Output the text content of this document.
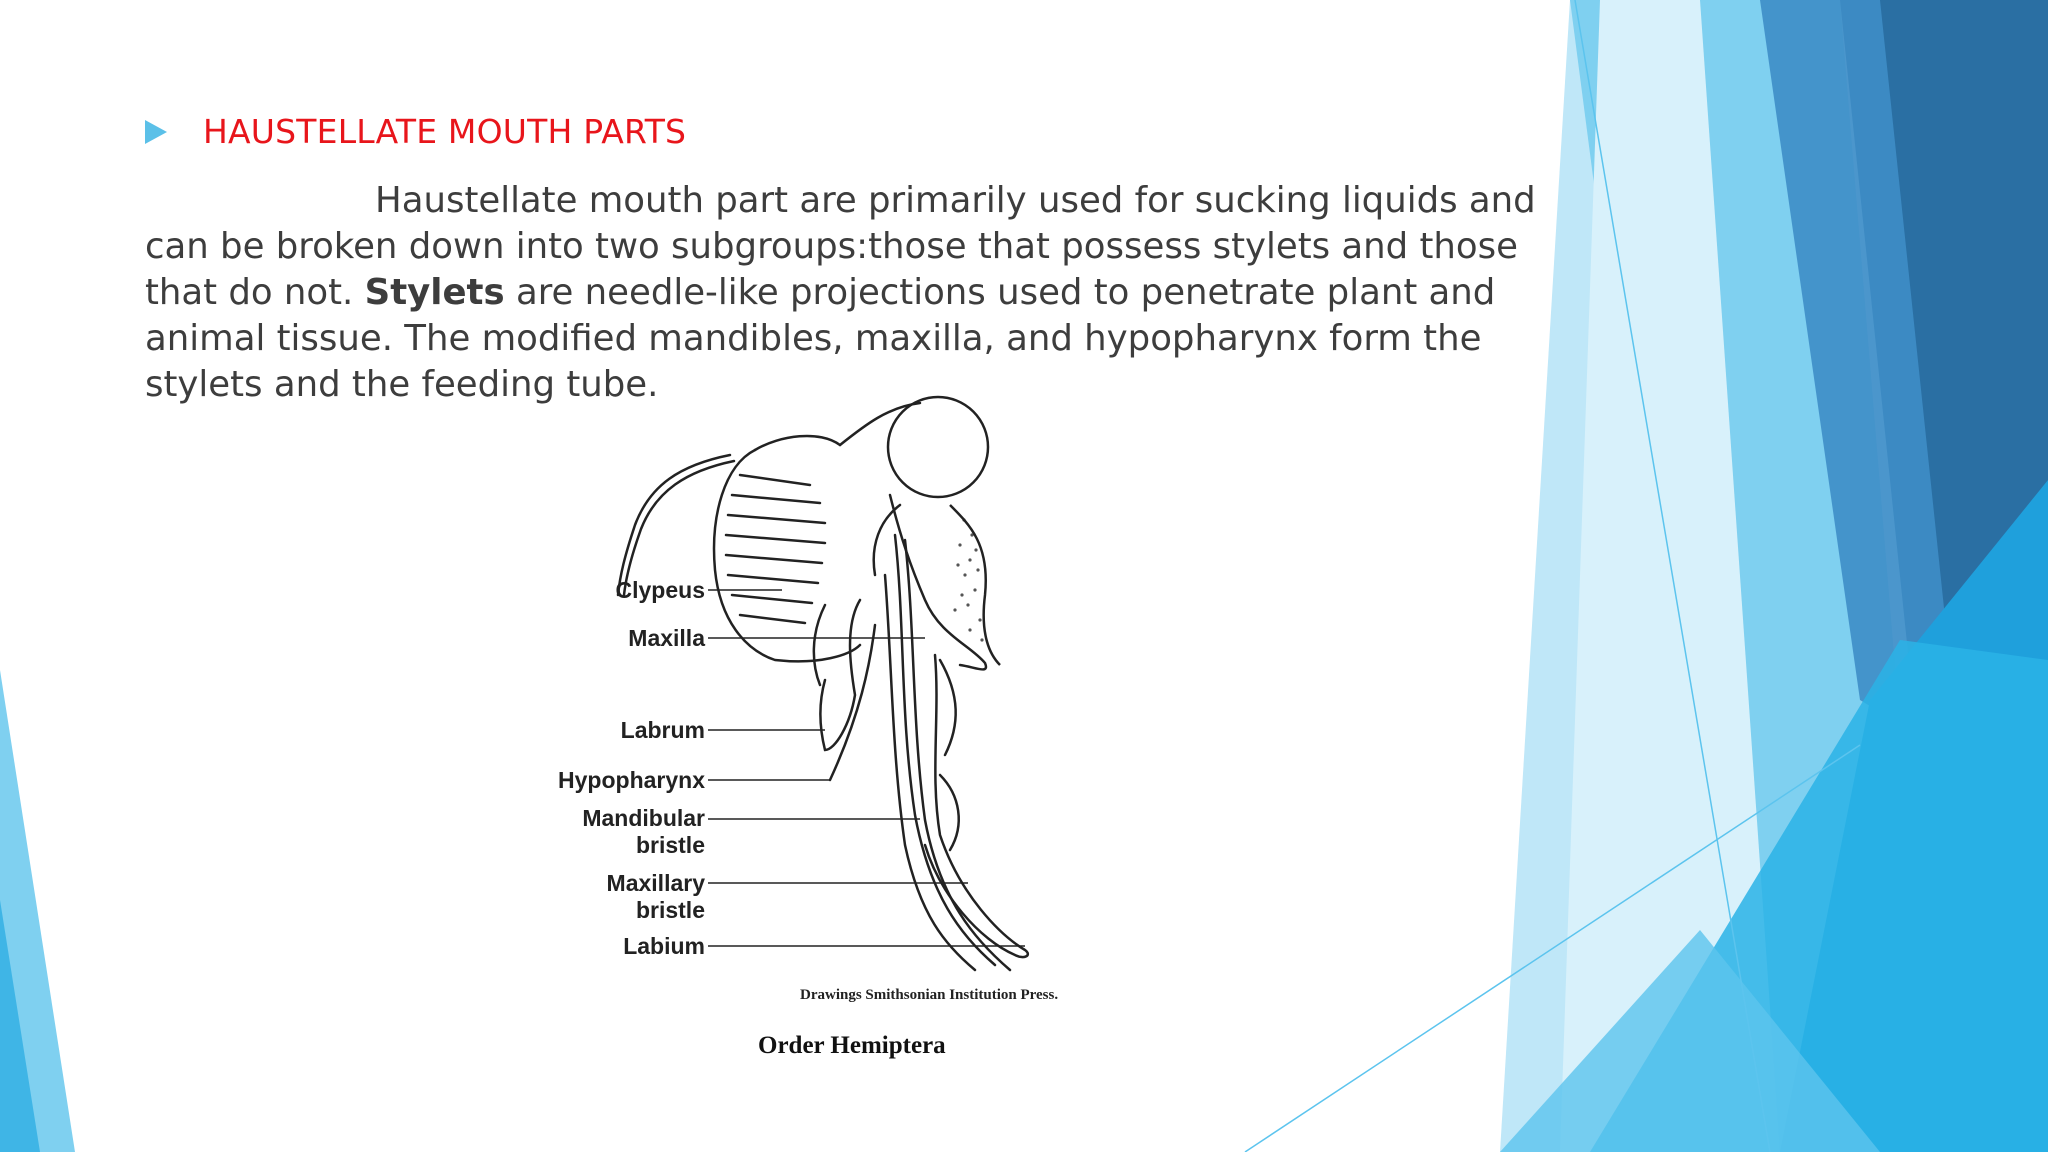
HAUSTELLATE MOUTH PARTS
Haustellate mouth part are primarily used for sucking liquids and can be broken down into two subgroups:those that possess stylets and those that do not. Stylets are needle-like projections used to penetrate plant and animal tissue. The modified mandibles, maxilla, and hypopharynx form the stylets and the feeding tube.
Clypeus
Maxilla
Labrum
Hypopharynx
Mandibular
bristle
Maxillary
bristle
Labium
Drawings Smithsonian Institution Press.
Order Hemiptera
